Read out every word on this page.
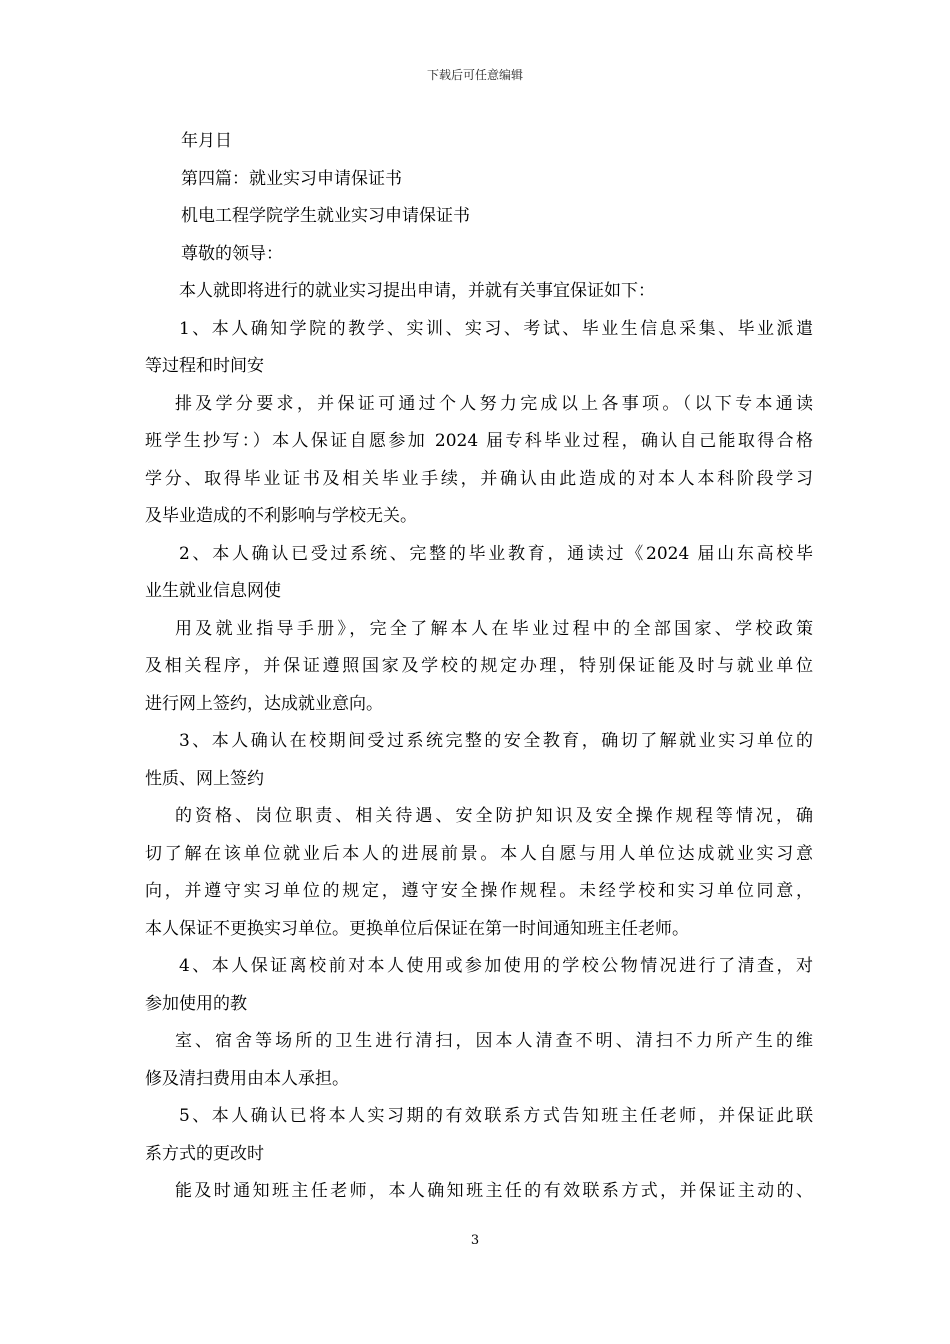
下载后可任意编辑
年月日
第四篇：就业实习申请保证书
机电工程学院学生就业实习申请保证书
尊敬的领导：
本人就即将进行的就业实习提出申请，并就有关事宜保证如下：
1、本人确知学院的教学、实训、实习、考试、毕业生信息采集、毕业派遣
等过程和时间安
排及学分要求，并保证可通过个人努力完成以上各事项。（以下专本通读
班学生抄写：）本人保证自愿参加 2024 届专科毕业过程，确认自己能取得合格
学分、取得毕业证书及相关毕业手续，并确认由此造成的对本人本科阶段学习
及毕业造成的不利影响与学校无关。
2、本人确认已受过系统、完整的毕业教育，通读过《2024 届山东高校毕
业生就业信息网使
用及就业指导手册》，完全了解本人在毕业过程中的全部国家、学校政策
及相关程序，并保证遵照国家及学校的规定办理，特别保证能及时与就业单位
进行网上签约，达成就业意向。
3、本人确认在校期间受过系统完整的安全教育，确切了解就业实习单位的
性质、网上签约
的资格、岗位职责、相关待遇、安全防护知识及安全操作规程等情况，确
切了解在该单位就业后本人的进展前景。本人自愿与用人单位达成就业实习意
向，并遵守实习单位的规定，遵守安全操作规程。未经学校和实习单位同意，
本人保证不更换实习单位。更换单位后保证在第一时间通知班主任老师。
4、本人保证离校前对本人使用或参加使用的学校公物情况进行了清查，对
参加使用的教
室、宿舍等场所的卫生进行清扫，因本人清查不明、清扫不力所产生的维
修及清扫费用由本人承担。
5、本人确认已将本人实习期的有效联系方式告知班主任老师，并保证此联
系方式的更改时
能及时通知班主任老师，本人确知班主任的有效联系方式，并保证主动的、
3
